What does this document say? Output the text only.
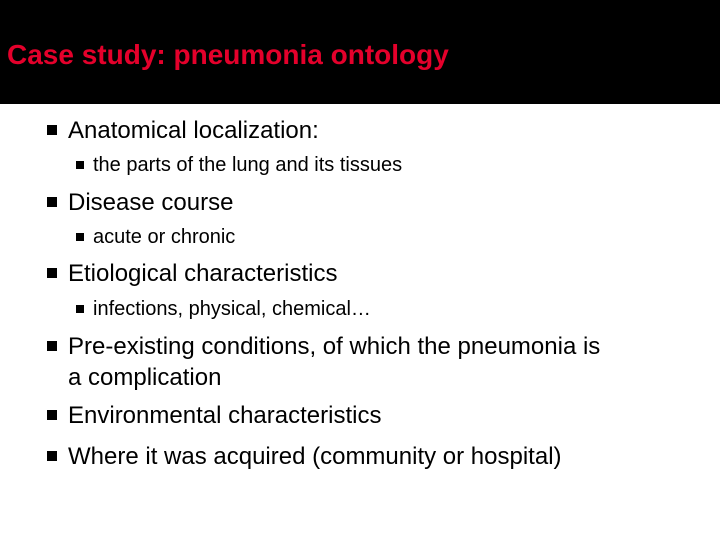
Case study: pneumonia ontology
Anatomical localization:
the parts of the lung and its tissues
Disease course
acute or chronic
Etiological characteristics
infections, physical, chemical…
Pre-existing conditions, of which the pneumonia is
a complication
Environmental characteristics
Where it was acquired (community or hospital)
